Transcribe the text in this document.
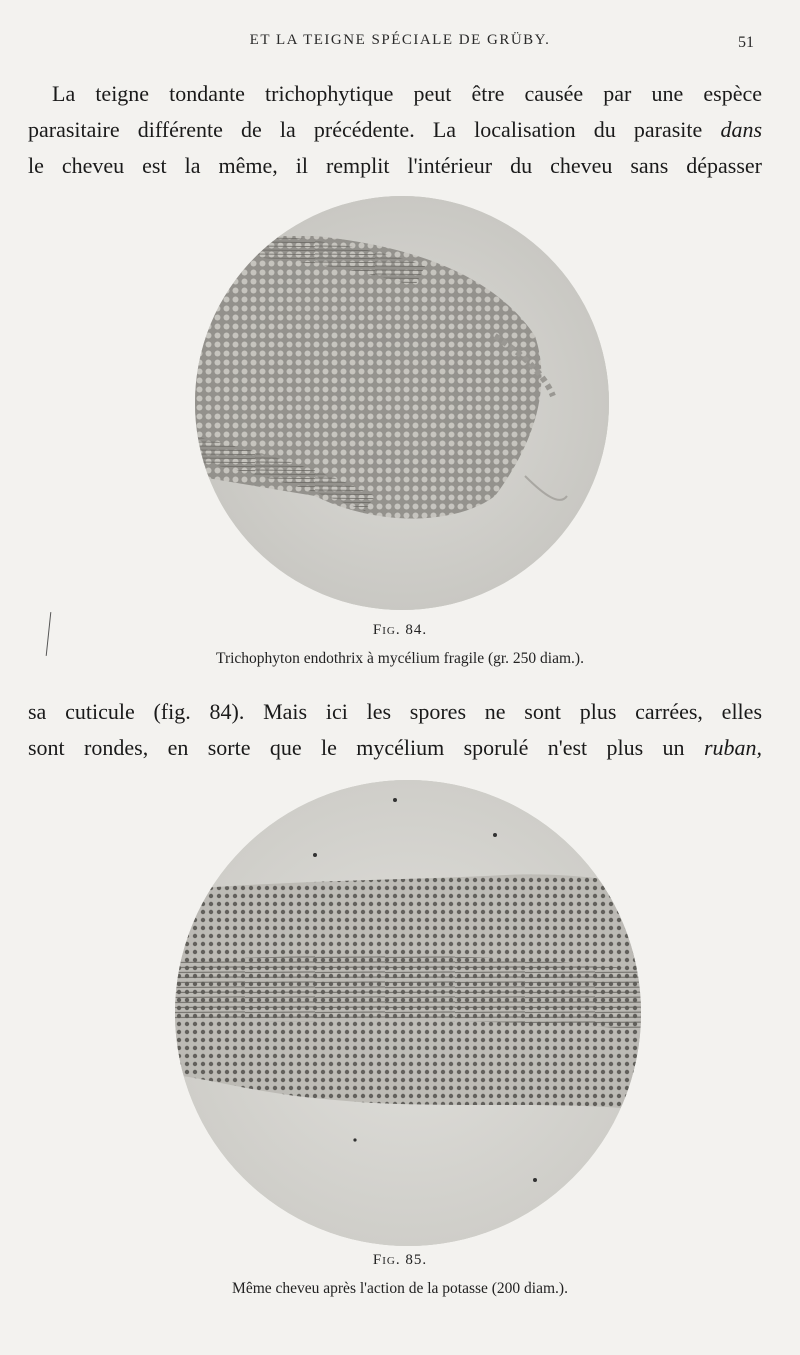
ET LA TEIGNE SPÉCIALE DE GRÜBY.	51
La teigne tondante trichophytique peut être causée par une espèce
parasitaire différente de la précédente. La localisation du parasite dans
le cheveu est la même, il remplit l'intérieur du cheveu sans dépasser
Fig. 84.
Trichophyton endothrix à mycélium fragile (gr. 250 diam.).
sa cuticule (fig. 84). Mais ici les spores ne sont plus carrées, elles
sont rondes, en sorte que le mycélium sporulé n'est plus un ruban,
Fig. 85.
Même cheveu après l'action de la potasse (200 diam.).
